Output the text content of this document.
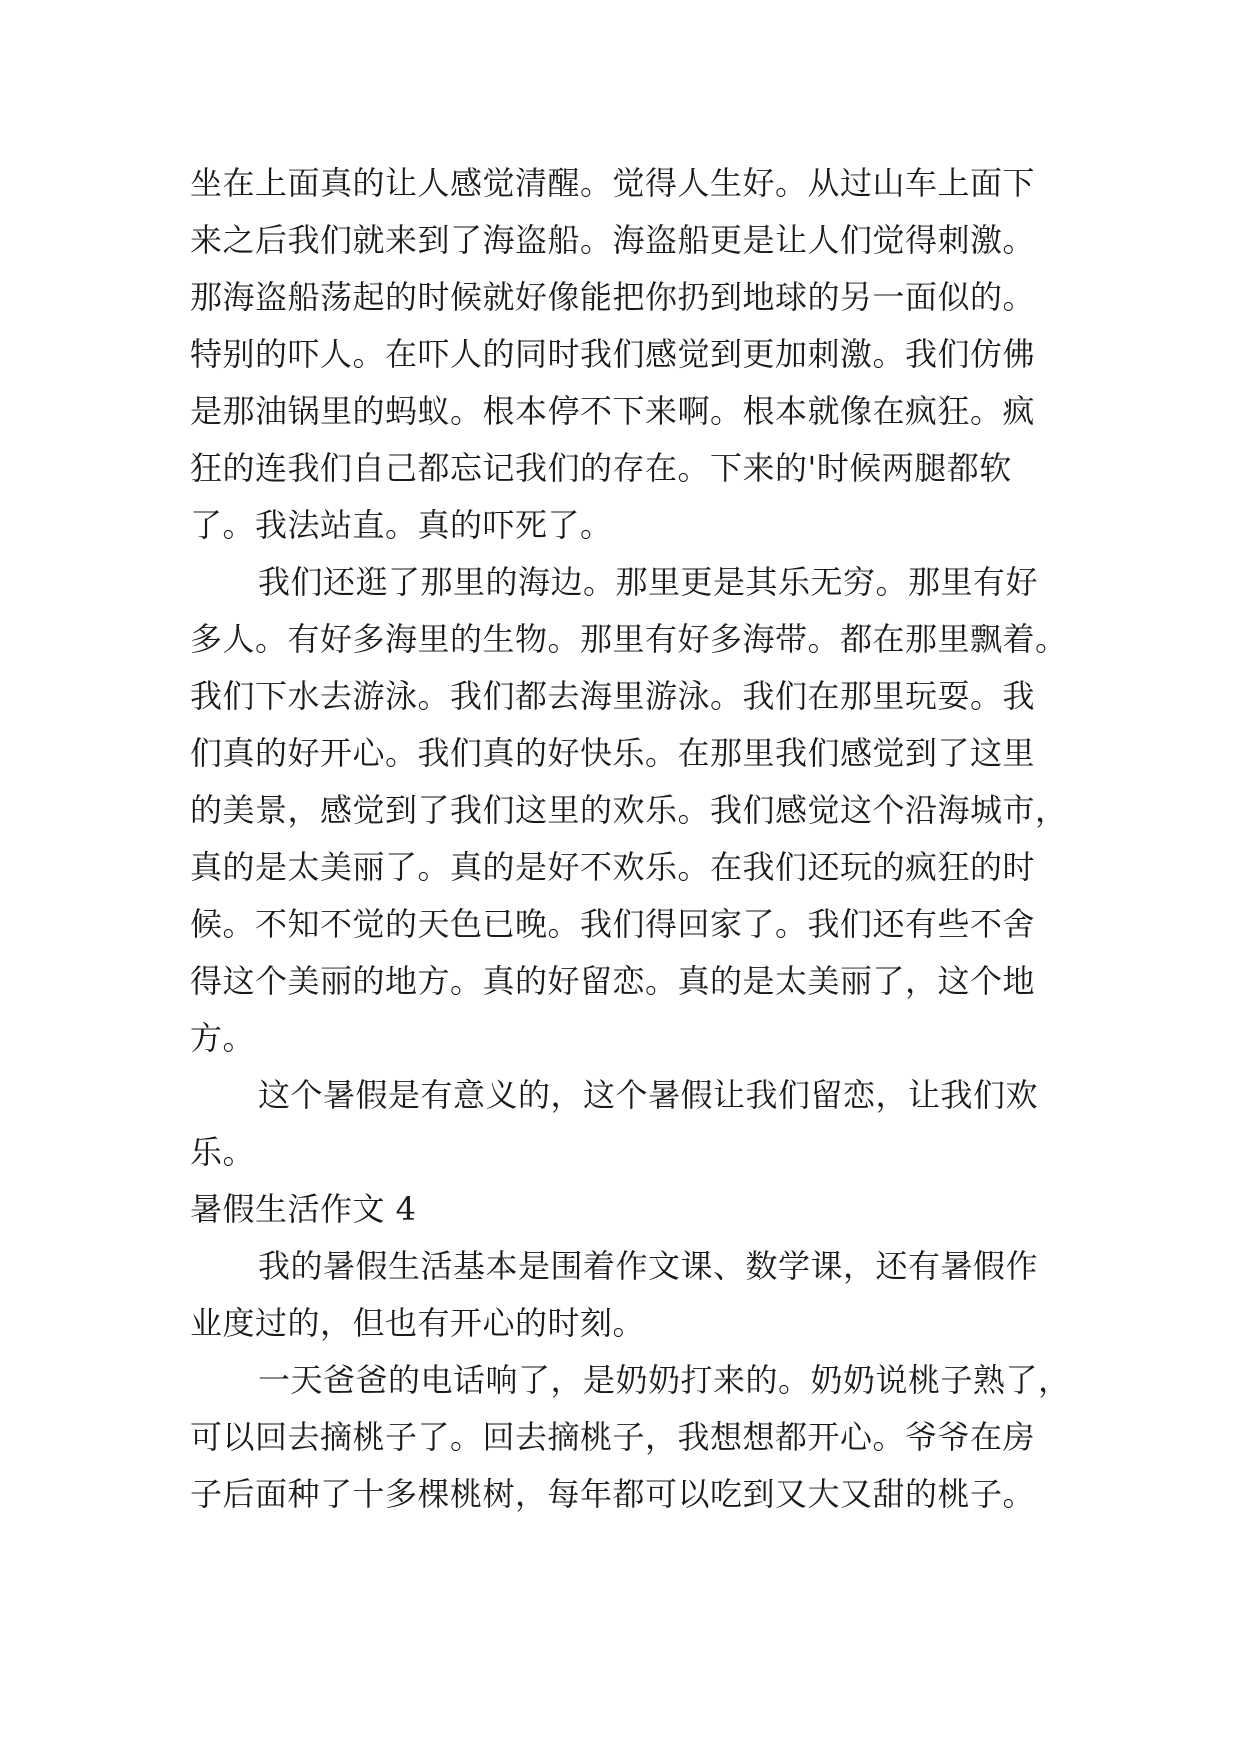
坐在上面真的让人感觉清醒。觉得人生好。从过山车上面下
来之后我们就来到了海盗船。海盗船更是让人们觉得刺激。
那海盗船荡起的时候就好像能把你扔到地球的另一面似的。
特别的吓人。在吓人的同时我们感觉到更加刺激。我们仿佛
是那油锅里的蚂蚁。根本停不下来啊。根本就像在疯狂。疯
狂的连我们自己都忘记我们的存在。下来的'时候两腿都软
了。我法站直。真的吓死了。
我们还逛了那里的海边。那里更是其乐无穷。那里有好
多人。有好多海里的生物。那里有好多海带。都在那里飘着。
我们下水去游泳。我们都去海里游泳。我们在那里玩耍。我
们真的好开心。我们真的好快乐。在那里我们感觉到了这里
的美景，感觉到了我们这里的欢乐。我们感觉这个沿海城市，
真的是太美丽了。真的是好不欢乐。在我们还玩的疯狂的时
候。不知不觉的天色已晚。我们得回家了。我们还有些不舍
得这个美丽的地方。真的好留恋。真的是太美丽了，这个地
方。
这个暑假是有意义的，这个暑假让我们留恋，让我们欢
乐。
暑假生活作文 4
我的暑假生活基本是围着作文课、数学课，还有暑假作
业度过的，但也有开心的时刻。
一天爸爸的电话响了，是奶奶打来的。奶奶说桃子熟了，
可以回去摘桃子了。回去摘桃子，我想想都开心。爷爷在房
子后面种了十多棵桃树，每年都可以吃到又大又甜的桃子。
